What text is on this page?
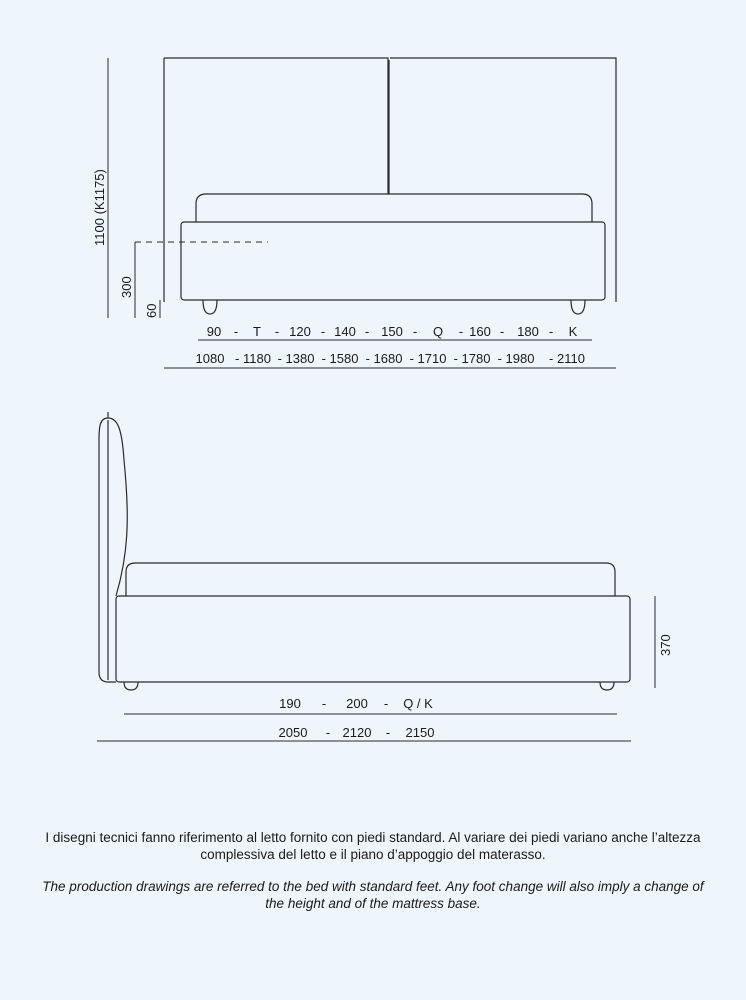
1100 (K1175)
300
60
90 - T - 120 - 140 - 150 - Q - 160 - 180 - K
1080 - 1180 - 1380 - 1580 - 1680 - 1710 - 1780 - 1980 - 2110
370
190 - 200 - Q / K
2050 - 2120 - 2150
I disegni tecnici fanno riferimento al letto fornito con piedi standard. Al variare dei piedi variano anche l’altezza complessiva del letto e il piano d’appoggio del materasso.
The production drawings are referred to the bed with standard feet. Any foot change will also imply a change of the height and of the mattress base.
